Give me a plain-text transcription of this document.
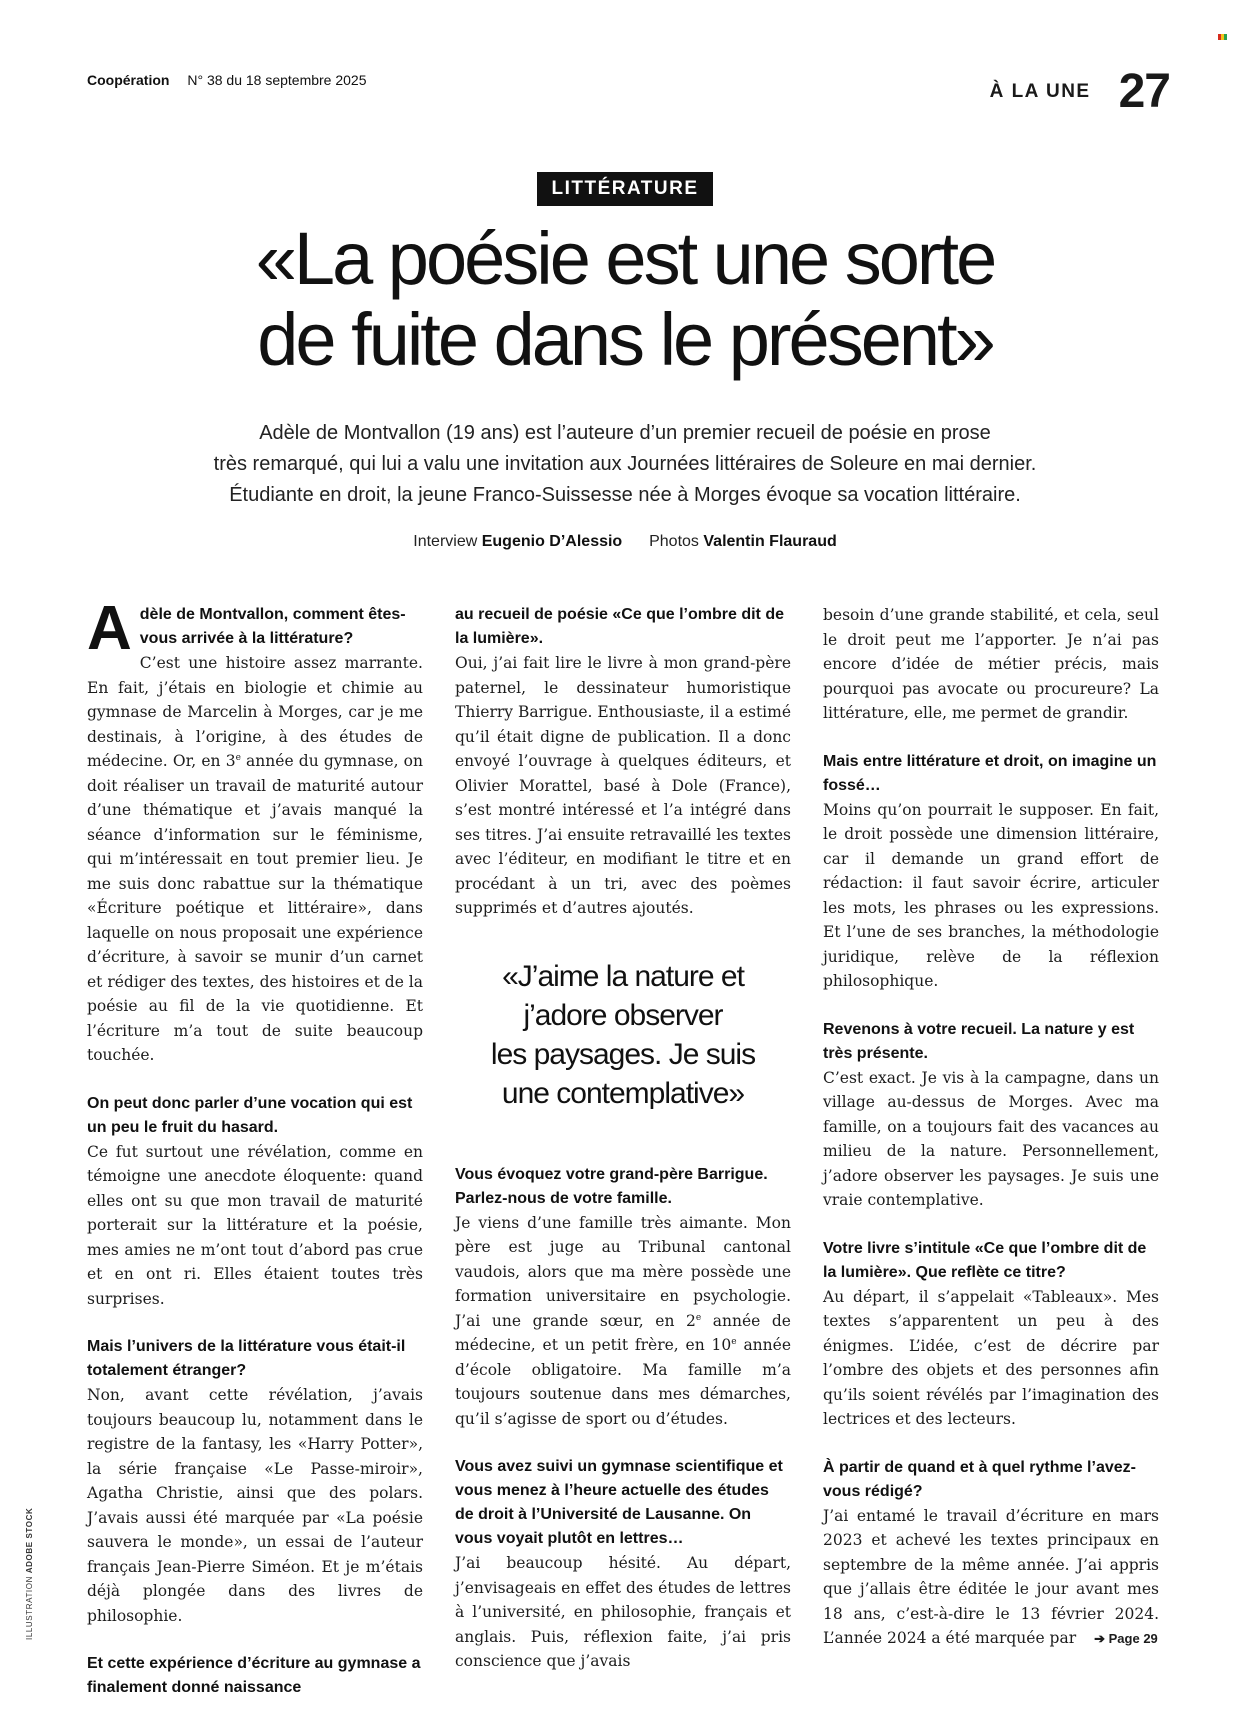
Coopération N° 38 du 18 septembre 2025
À LA UNE 27
LITTÉRATURE
«La poésie est une sorte
de fuite dans le présent»
Adèle de Montvallon (19 ans) est l’auteure d’un premier recueil de poésie en prose
très remarqué, qui lui a valu une invitation aux Journées littéraires de Soleure en mai dernier.
Étudiante en droit, la jeune Franco-Suissesse née à Morges évoque sa vocation littéraire.
Interview Eugenio D’Alessio Photos Valentin Flauraud

Adèle de Montvallon, comment êtes-vous arrivée à la littérature?

C’est une histoire assez marrante. En fait, j’étais en biologie et chimie au gymnase de Marcelin à Morges, car je me destinais, à l’origine, à des études de médecine. Or, en 3e année du gymnase, on doit réaliser un travail de maturité autour d’une thématique et j’avais manqué la séance d’information sur le féminisme, qui m’intéressait en tout premier lieu. Je me suis donc rabattue sur la thématique «Écriture poétique et littéraire», dans laquelle on nous proposait une expérience d’écriture, à savoir se munir d’un carnet et rédiger des textes, des histoires et de la poésie au fil de la vie quotidienne. Et l’écriture m’a tout de suite beaucoup touchée.

On peut donc parler d’une vocation qui est un peu le fruit du hasard.

Ce fut surtout une révélation, comme en témoigne une anecdote éloquente: quand elles ont su que mon travail de maturité porterait sur la littérature et la poésie, mes amies ne m’ont tout d’abord pas crue et en ont ri. Elles étaient toutes très surprises.

Mais l’univers de la littérature vous était-il totalement étranger?

Non, avant cette révélation, j’avais toujours beaucoup lu, notamment dans le registre de la fantasy, les «Harry Potter», la série française «Le Passe-miroir», Agatha Christie, ainsi que des polars. J’avais aussi été marquée par «La poésie sauvera le monde», un essai de l’auteur français Jean-Pierre Siméon. Et je m’étais déjà plongée dans des livres de philosophie.

Et cette expérience d’écriture au gymnase a finalement donné naissance

au recueil de poésie «Ce que l’ombre dit de la lumière».

Oui, j’ai fait lire le livre à mon grand-père paternel, le dessinateur humoristique Thierry Barrigue. Enthousiaste, il a estimé qu’il était digne de publication. Il a donc envoyé l’ouvrage à quelques éditeurs, et Olivier Morattel, basé à Dole (France), s’est montré intéressé et l’a intégré dans ses titres. J’ai ensuite retravaillé les textes avec l’éditeur, en modifiant le titre et en procédant à un tri, avec des poèmes supprimés et d’autres ajoutés.

«J’aime la nature et
j’adore observer
les paysages. Je suis
une contemplative»

Vous évoquez votre grand-père Barrigue. Parlez-nous de votre famille.

Je viens d’une famille très aimante. Mon père est juge au Tribunal cantonal vaudois, alors que ma mère possède une formation universitaire en psychologie. J’ai une grande sœur, en 2e année de médecine, et un petit frère, en 10e année d’école obligatoire. Ma famille m’a toujours soutenue dans mes démarches, qu’il s’agisse de sport ou d’études.

Vous avez suivi un gymnase scientifique et vous menez à l’heure actuelle des études de droit à l’Université de Lausanne. On vous voyait plutôt en lettres…

J’ai beaucoup hésité. Au départ, j’envisageais en effet des études de lettres à l’université, en philosophie, français et anglais. Puis, réflexion faite, j’ai pris conscience que j’avais

besoin d’une grande stabilité, et cela, seul le droit peut me l’apporter. Je n’ai pas encore d’idée de métier précis, mais pourquoi pas avocate ou procureure? La littérature, elle, me permet de grandir.

Mais entre littérature et droit, on imagine un fossé…

Moins qu’on pourrait le supposer. En fait, le droit possède une dimension littéraire, car il demande un grand effort de rédaction: il faut savoir écrire, articuler les mots, les phrases ou les expressions. Et l’une de ses branches, la méthodologie juridique, relève de la réflexion philosophique.

Revenons à votre recueil. La nature y est très présente.

C’est exact. Je vis à la campagne, dans un village au-dessus de Morges. Avec ma famille, on a toujours fait des vacances au milieu de la nature. Personnellement, j’adore observer les paysages. Je suis une vraie contemplative.

Votre livre s’intitule «Ce que l’ombre dit de la lumière». Que reflète ce titre?

Au départ, il s’appelait «Tableaux». Mes textes s’apparentent un peu à des énigmes. L’idée, c’est de décrire par l’ombre des objets et des personnes afin qu’ils soient révélés par l’imagination des lectrices et des lecteurs.

À partir de quand et à quel rythme l’avez-vous rédigé?

J’ai entamé le travail d’écriture en mars 2023 et achevé les textes principaux en septembre de la même année. J’ai appris que j’allais être éditée le jour avant mes 18 ans, c’est-à-dire le 13 février 2024. L’année 2024 a été marquée par ➔ Page 29

ILLUSTRATION ADOBE STOCK
